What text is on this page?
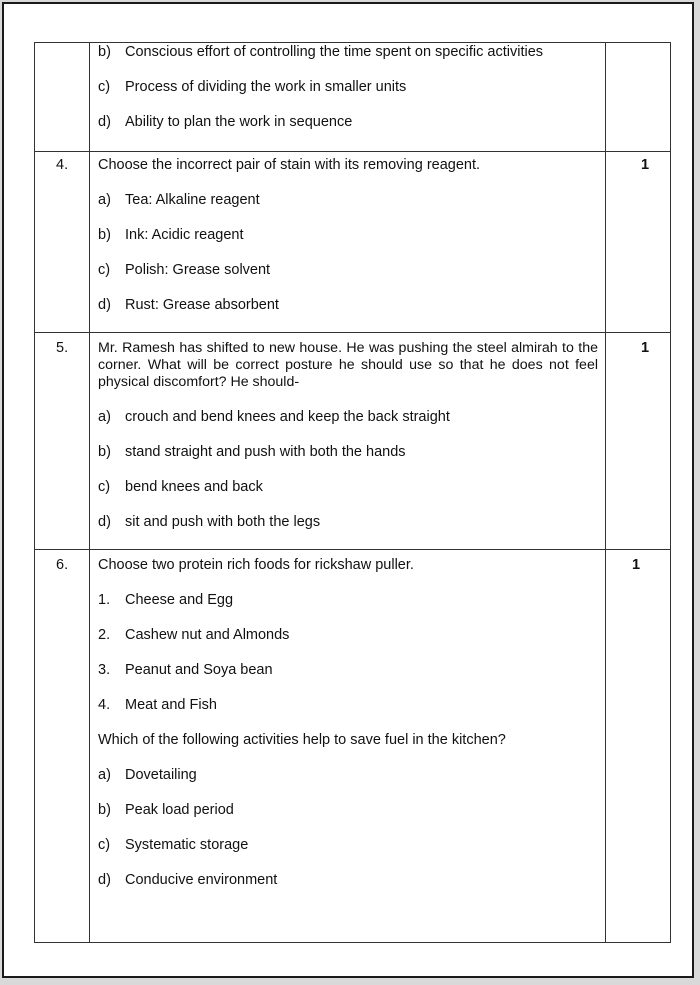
b) Conscious effort of controlling the time spent on specific activities
c) Process of dividing the work in smaller units
d) Ability to plan the work in sequence
4. Choose the incorrect pair of stain with its removing reagent.	1
a) Tea: Alkaline reagent
b) Ink: Acidic reagent
c) Polish: Grease solvent
d) Rust: Grease absorbent
5. Mr. Ramesh has shifted to new house. He was pushing the steel almirah to the corner. What will be correct posture he should use so that he does not feel physical discomfort? He should-
1
a) crouch and bend knees and keep the back straight
b) stand straight and push with both the hands
c) bend knees and back
d) sit and push with both the legs
6. Choose two protein rich foods for rickshaw puller.	1
1. Cheese and Egg
2. Cashew nut and Almonds
3. Peanut and Soya bean
4. Meat and Fish
Which of the following activities help to save fuel in the kitchen?
a) Dovetailing
b) Peak load period
c) Systematic storage
d) Conducive environment
